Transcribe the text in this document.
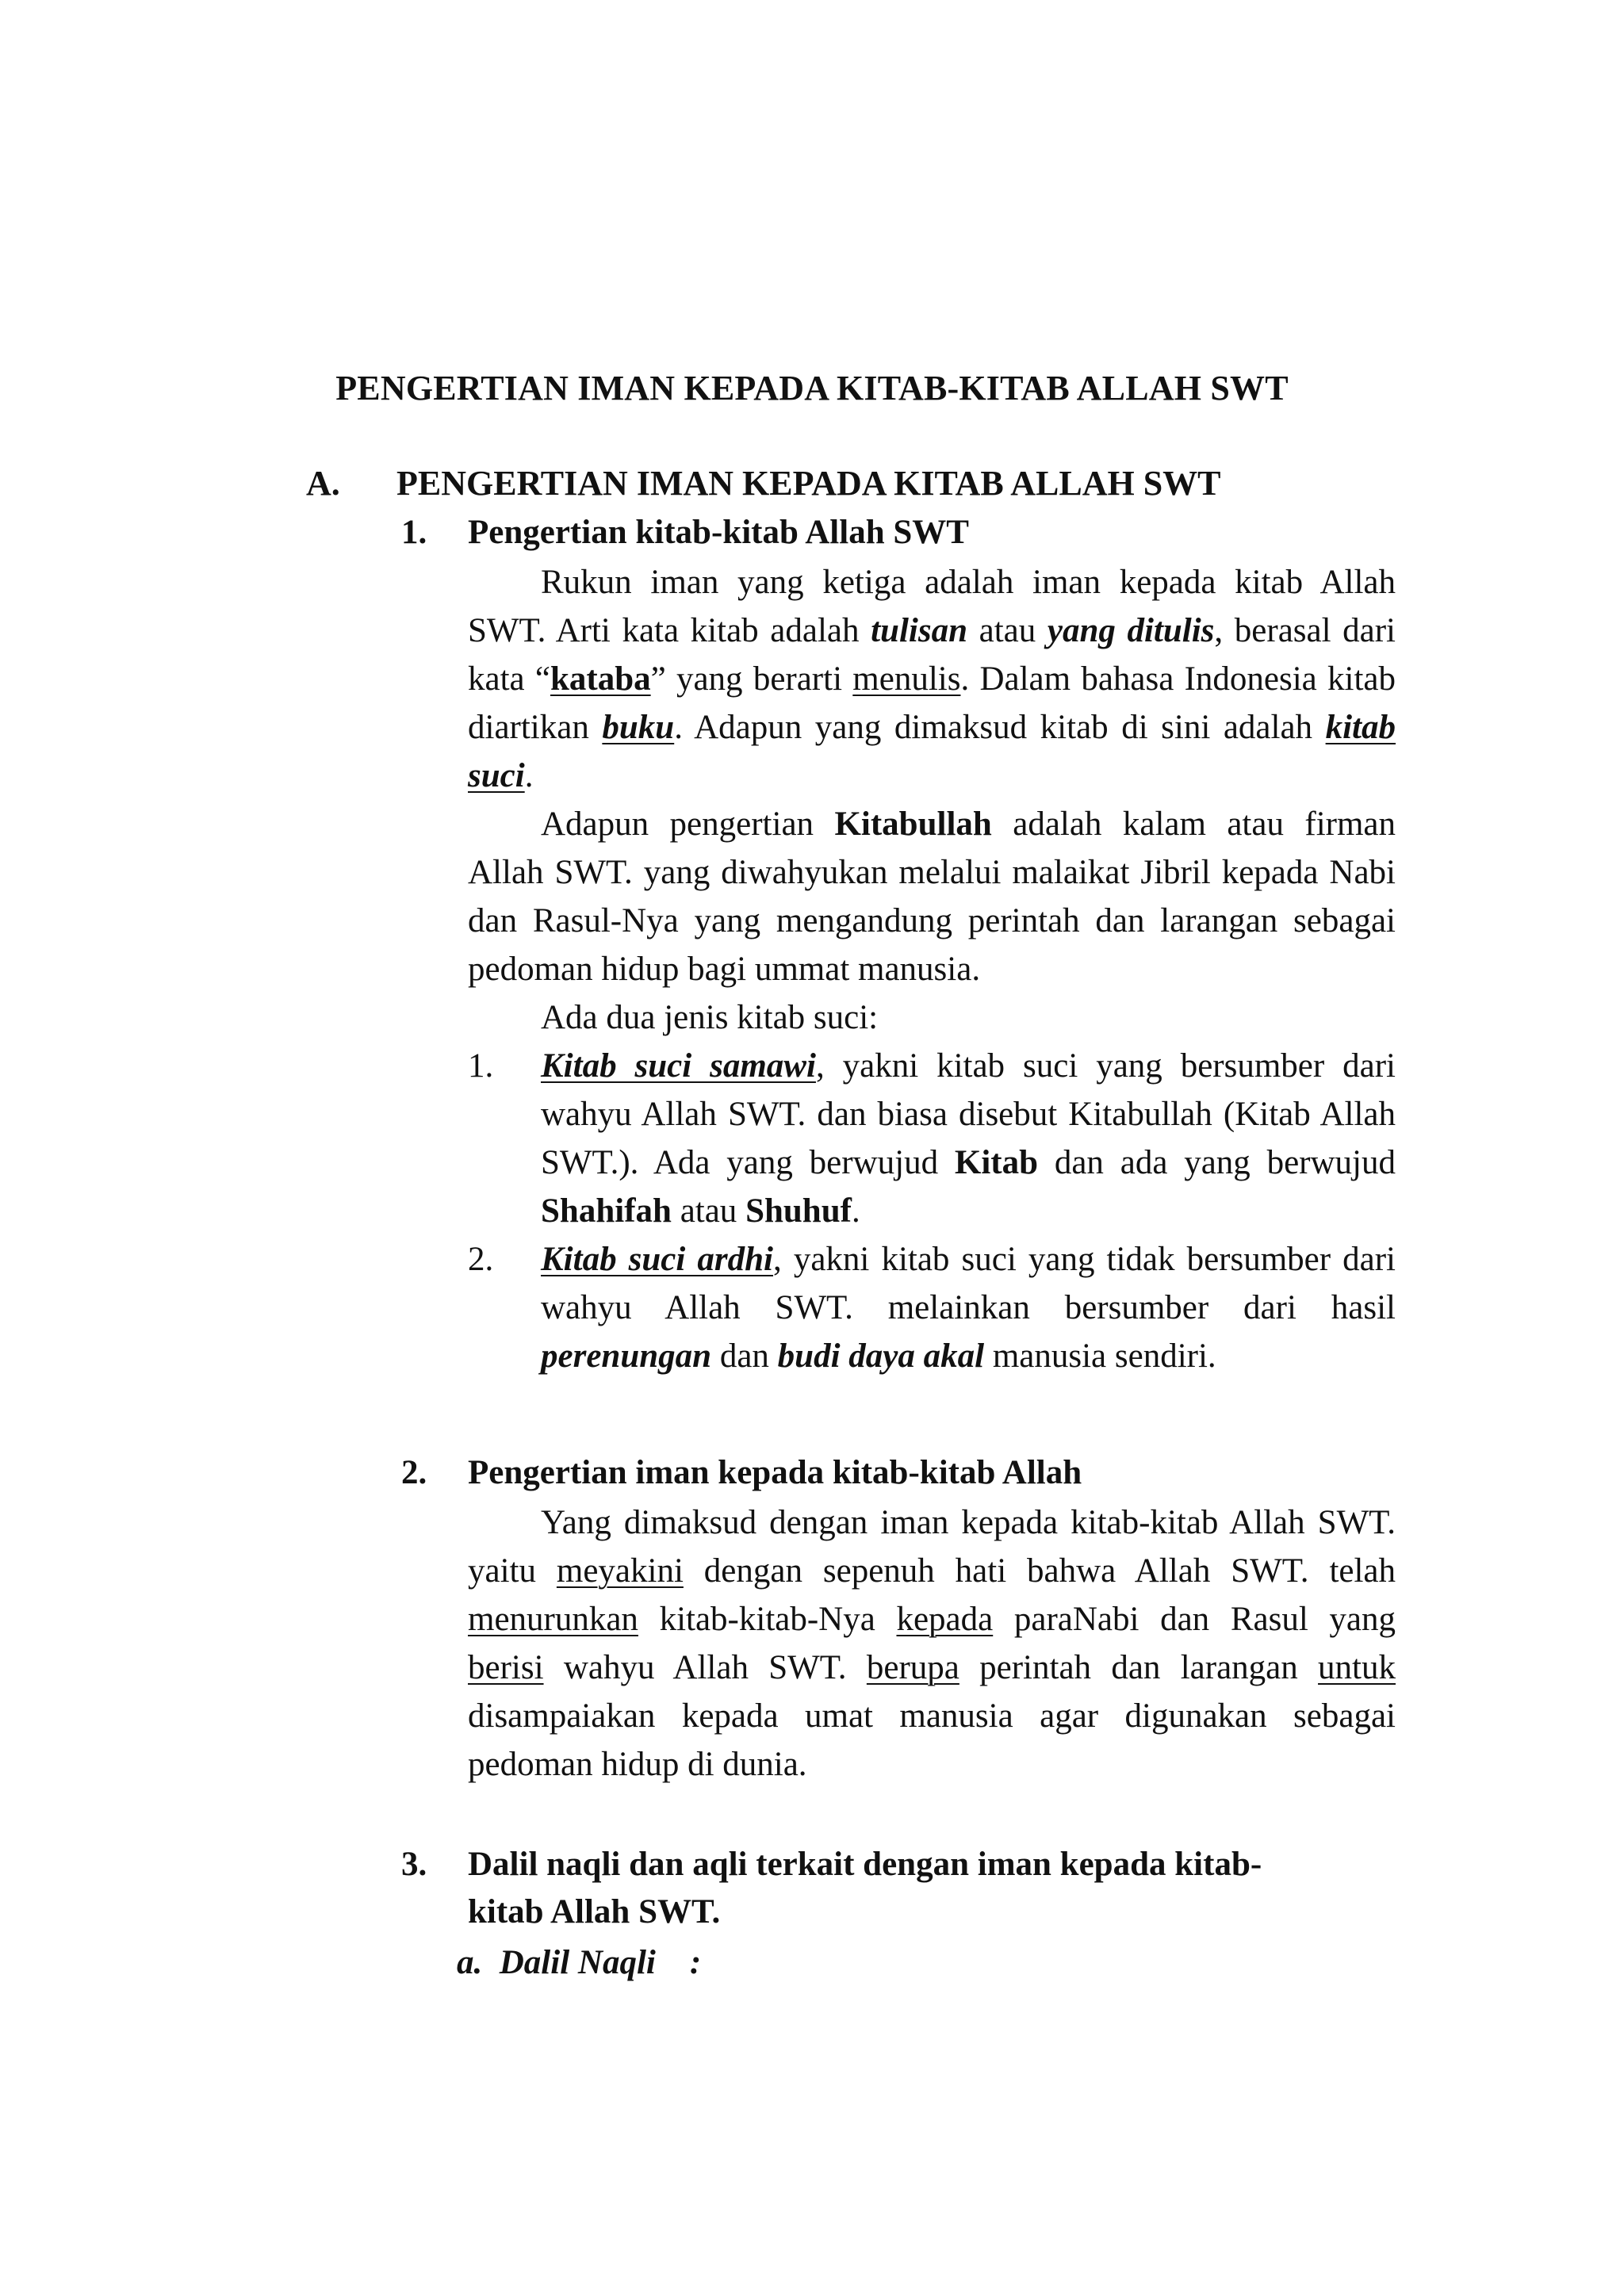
PENGERTIAN IMAN KEPADA KITAB-KITAB ALLAH SWT
A. PENGERTIAN IMAN KEPADA KITAB ALLAH SWT
1. Pengertian kitab-kitab Allah SWT

Rukun iman yang ketiga adalah iman kepada kitab Allah SWT. Arti kata kitab adalah tulisan atau yang ditulis, berasal dari kata “kataba” yang berarti menulis. Dalam bahasa Indonesia kitab diartikan buku. Adapun yang dimaksud kitab di sini adalah kitab suci.

Adapun pengertian Kitabullah adalah kalam atau firman Allah SWT. yang diwahyukan melalui malaikat Jibril kepada Nabi dan Rasul-Nya yang mengandung perintah dan larangan sebagai pedoman hidup bagi ummat manusia.

Ada dua jenis kitab suci:

1. Kitab suci samawi, yakni kitab suci yang bersumber dari wahyu Allah SWT. dan biasa disebut Kitabullah (Kitab Allah SWT.). Ada yang berwujud Kitab dan ada yang berwujud Shahifah atau Shuhuf.
2. Kitab suci ardhi, yakni kitab suci yang tidak bersumber dari wahyu Allah SWT. melainkan bersumber dari hasil perenungan dan budi daya akal manusia sendiri.
2. Pengertian iman kepada kitab-kitab Allah

Yang dimaksud dengan iman kepada kitab-kitab Allah SWT. yaitu meyakini dengan sepenuh hati bahwa Allah SWT. telah menurunkan kitab-kitab-Nya kepada paraNabi dan Rasul yang berisi wahyu Allah SWT. berupa perintah dan larangan untuk disampaiakan kepada umat manusia agar digunakan sebagai pedoman hidup di dunia.

3. Dalil naqli dan aqli terkait dengan iman kepada kitab-
kitab Allah SWT.
a.  Dalil Naqli    :
